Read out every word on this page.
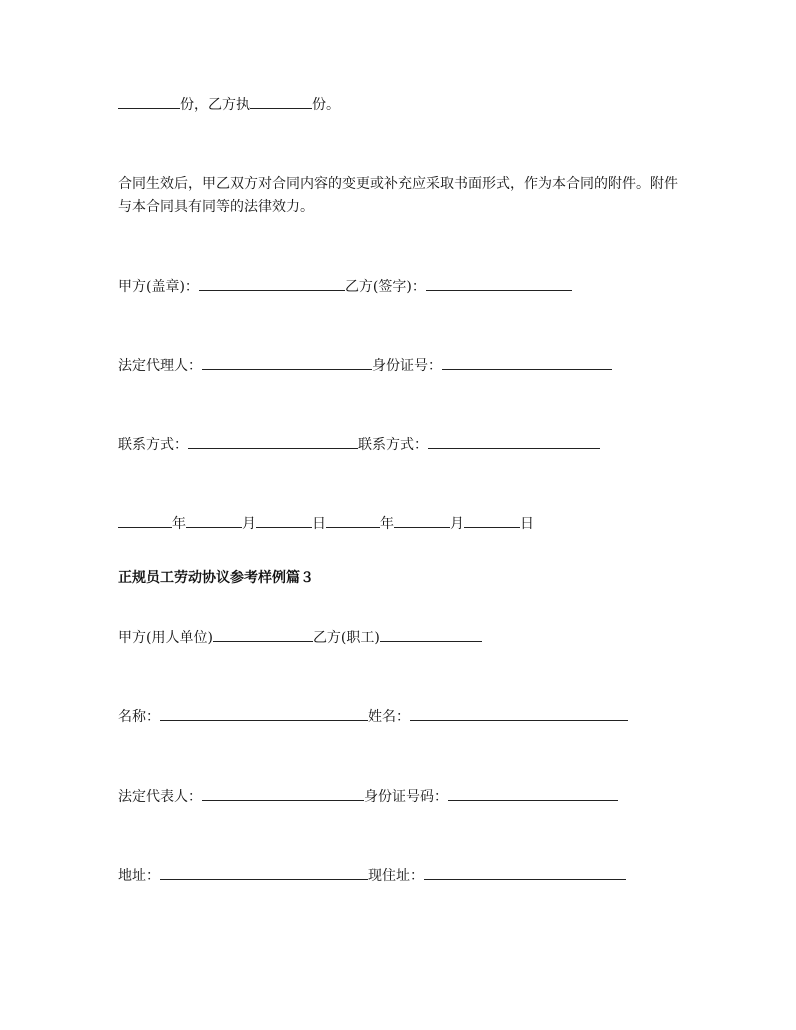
份，乙方执	份。
合同生效后，甲乙双方对合同内容的变更或补充应采取书面形式，作为本合同的附件。附件与本合同具有同等的法律效力。
甲方(盖章)：	乙方(签字)：
法定代理人：	身份证号：
联系方式：	联系方式：
年	月	日	年	月	日
正规员工劳动协议参考样例篇３
甲方(用人单位)	乙方(职工)
名称：	姓名：
法定代表人：	身份证号码：
地址：	现住址：
